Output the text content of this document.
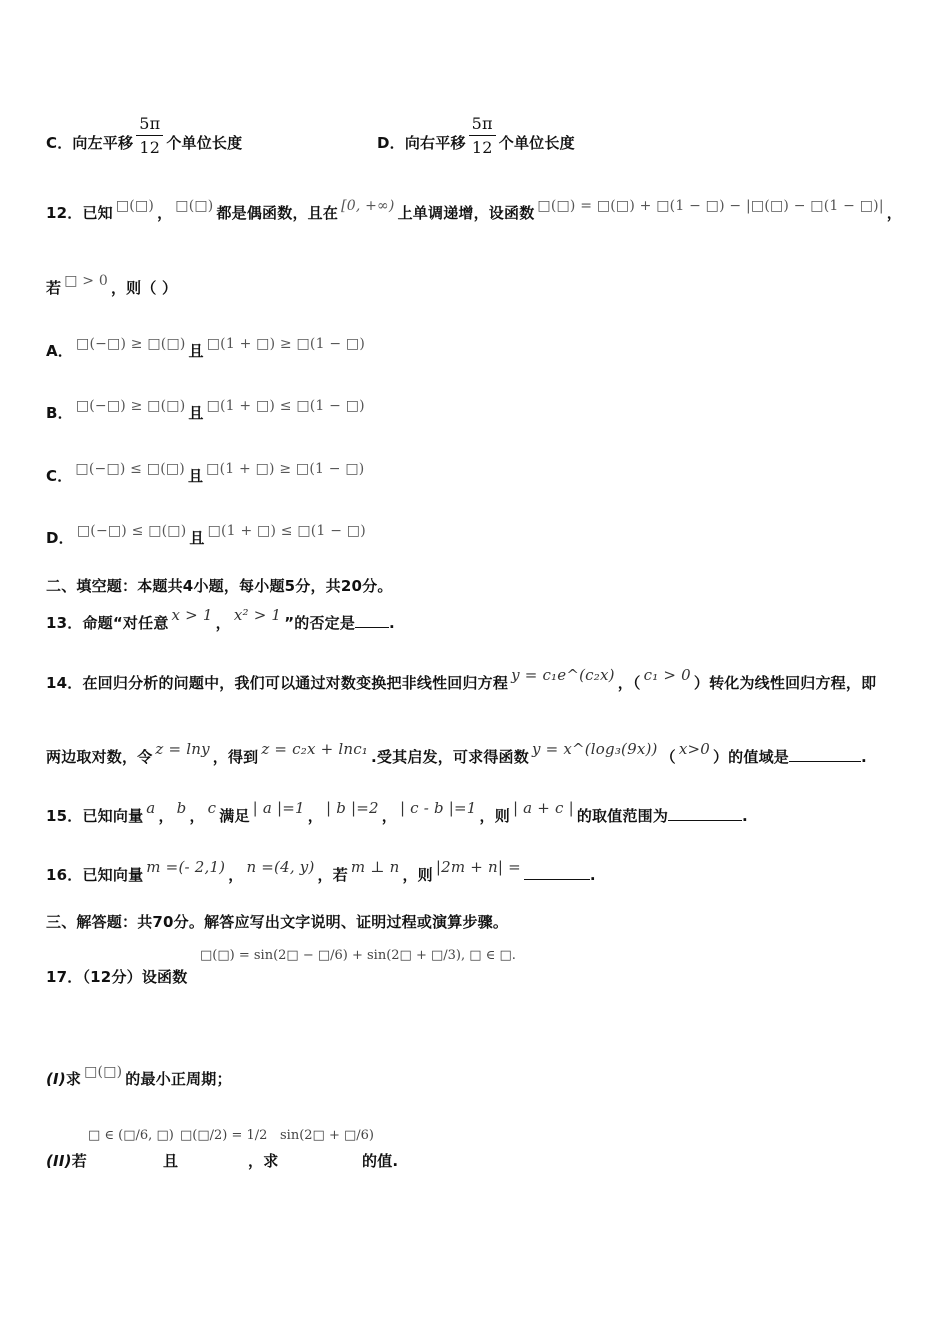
C．向左平移 $\frac{5\pi}{12}$ 个单位长度	D．向右平移 $\frac{5\pi}{12}$ 个单位长度
12．已知 □(□) ， □(□) 都是偶函数，且在 [0, +∞) 上单调递增，设函数 □(□) = □(□) + □(1 − □) − |□(□) − □(1 − □)| ，
若 □ > 0 ，则（ ）
A． □(−□) ≥ □(□) 且 □(1 + □) ≥ □(1 − □)
B． □(−□) ≥ □(□) 且 □(1 + □) ≤ □(1 − □)
C． □(−□) ≤ □(□) 且 □(1 + □) ≥ □(1 − □)
D． □(−□) ≤ □(□) 且 □(1 + □) ≤ □(1 − □)
二、填空题：本题共4小题，每小题5分，共20分。
13．命题“对任意 x > 1 ， x² > 1 ”的否定是 .
14．在回归分析的问题中，我们可以通过对数变换把非线性回归方程 y = c₁e^(c₂x) ，（ c₁ > 0 ）转化为线性回归方程，即
两边取对数，令 z = lny ，得到 z = c₂x + lnc₁ .受其启发，可求得函数 y = x^(log₃(9x)) （ x>0 ）的值域是	.
15．已知向量 a ， b ， c 满足 | a |=1 ， | b |=2 ， | c - b |=1 ，则 | a + c | 的取值范围为	.
16．已知向量 m =(- 2,1) ， n =(4, y) ，若 m ⊥ n ，则 |2m + n| =	.
三、解答题：共70分。解答应写出文字说明、证明过程或演算步骤。
17．（12分）设函数
□(□) = sin(2□ − □/6) + sin(2□ + □/3), □ ∈ □.
(I)求 □(□) 的最小正周期；
(II)若
□ ∈ (□/6, □)
且
□(□/2) = 1/2
，求
sin(2□ + □/6)
的值.
